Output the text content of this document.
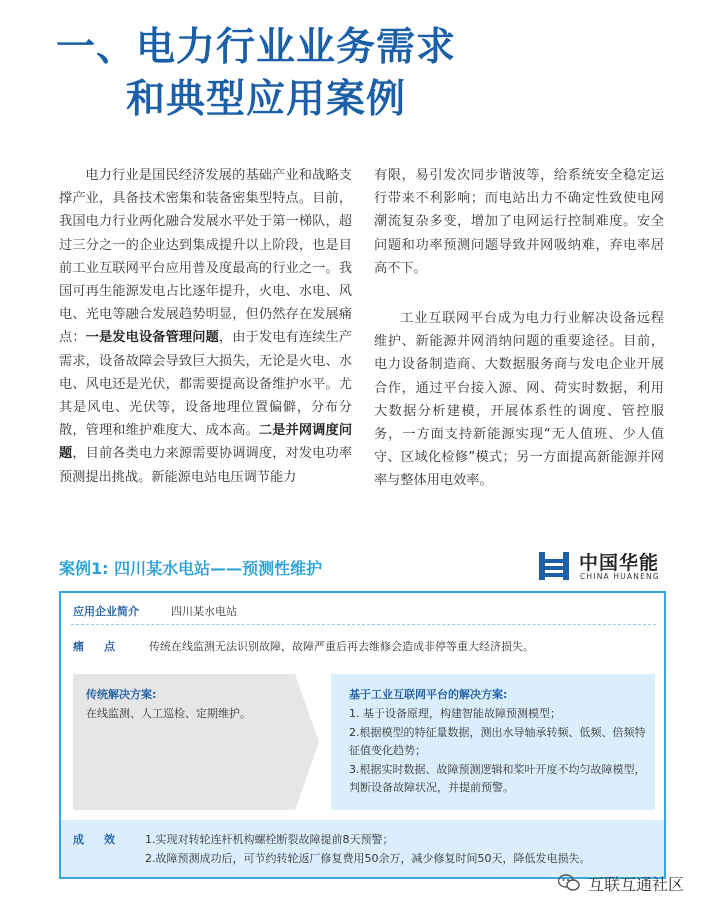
一、电力行业业务需求
和典型应用案例

电力行业是国民经济发展的基础产业和战略支撑产业，具备技术密集和装备密集型特点。目前，我国电力行业两化融合发展水平处于第一梯队，超过三分之一的企业达到集成提升以上阶段，也是目前工业互联网平台应用普及度最高的行业之一。我国可再生能源发电占比逐年提升，火电、水电、风电、光电等融合发展趋势明显，但仍然存在发展痛点：一是发电设备管理问题，由于发电有连续生产需求，设备故障会导致巨大损失，无论是火电、水电、风电还是光伏，都需要提高设备维护水平。尤其是风电、光伏等，设备地理位置偏僻，分布分散，管理和维护难度大、成本高。二是并网调度问题，目前各类电力来源需要协调调度，对发电功率预测提出挑战。新能源电站电压调节能力

有限，易引发次同步谐波等，给系统安全稳定运行带来不利影响；而电站出力不确定性致使电网潮流复杂多变，增加了电网运行控制难度。安全问题和功率预测问题导致并网吸纳难，弃电率居高不下。

工业互联网平台成为电力行业解决设备远程维护、新能源并网消纳问题的重要途径。目前，电力设备制造商、大数据服务商与发电企业开展合作，通过平台接入源、网、荷实时数据，利用大数据分析建模，开展体系性的调度、管控服务，一方面支持新能源实现“无人值班、少人值守、区域化检修”模式；另一方面提高新能源并网率与整体用电效率。

案例1: 四川某水电站——预测性维护	中国华能
CHINA HUANENG
应用企业简介	四川某水电站
痛点 传统在线监测无法识别故障，故障严重后再去维修会造成非停等重大经济损失。
传统解决方案:
在线监测、人工巡检、定期维护。
基于工业互联网平台的解决方案:
1. 基于设备原理，构建智能故障预测模型；
2.根据模型的特征量数据，测出水导轴承转频、低频、倍频特征值变化趋势；
3.根据实时数据、故障预测逻辑和桨叶开度不均匀故障模型，判断设备故障状况，并提前预警。
成效 1.实现对转轮连杆机构螺栓断裂故障提前8天预警；
2.故障预测成功后，可节约转轮返厂修复费用50余万，减少修复时间50天，降低发电损失。
互联互通社区
